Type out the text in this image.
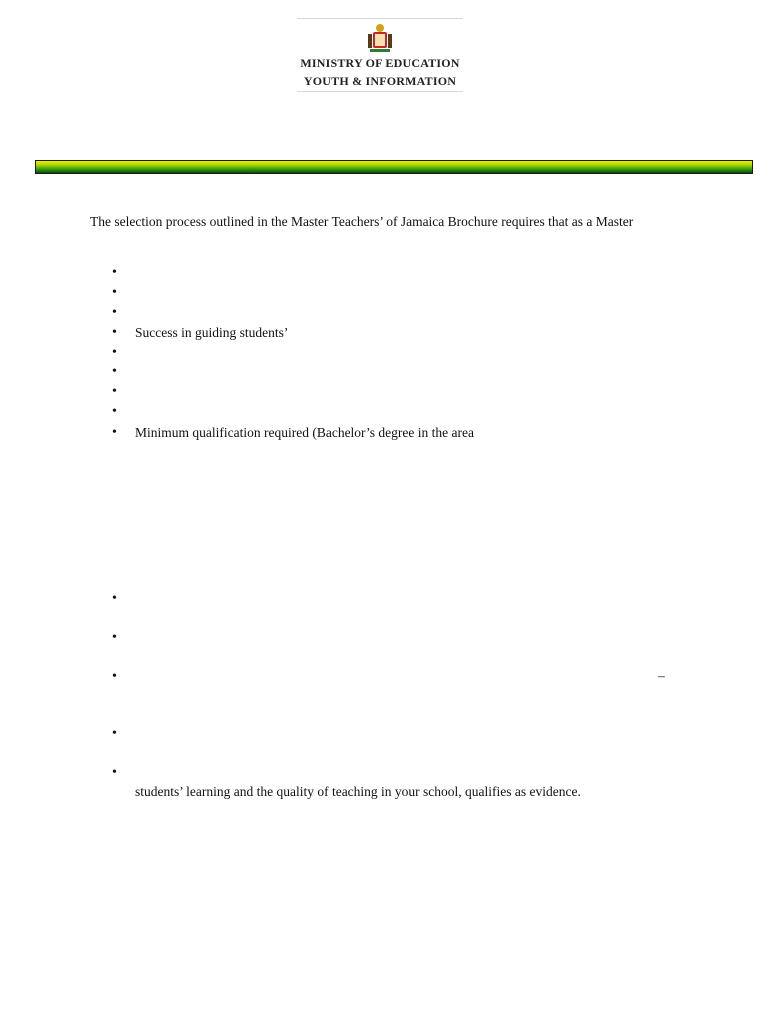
MINISTRY OF EDUCATION
YOUTH & INFORMATION
The selection process outlined in the Master Teachers’ of Jamaica Brochure requires that as a Master
•
•
•
• Success in guiding students’
•
•
•
•
• Minimum qualification required (Bachelor’s degree in the area
•
•
•	–
•
•
students’ learning and the quality of teaching in your school, qualifies as evidence.
